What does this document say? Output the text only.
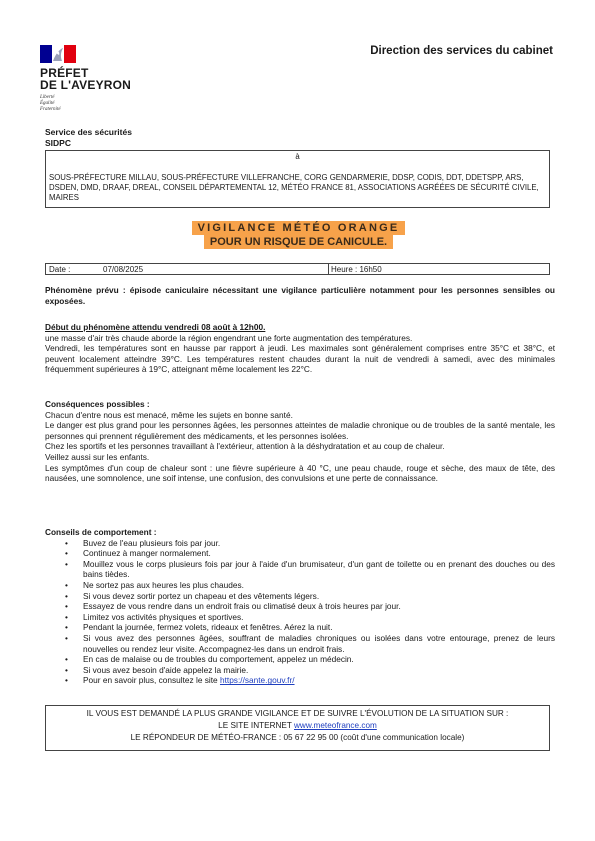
PRÉFET
DE L'AVEYRON
Liberté
Égalité
Fraternité
Direction des services du cabinet
Service des sécurités
SIDPC
à
SOUS-PRÉFECTURE MILLAU, SOUS-PRÉFECTURE VILLEFRANCHE, CORG GENDARMERIE, DDSP, CODIS, DDT, DDETSPP, ARS, DSDEN, DMD, DRAAF, DREAL, CONSEIL DÉPARTEMENTAL 12, MÉTÉO FRANCE 81, ASSOCIATIONS AGRÉÉES DE SÉCURITÉ CIVILE, MAIRES
VIGILANCE MÉTÉO ORANGE
POUR UN RISQUE DE CANICULE.
Date :	07/08/2025	Heure : 16h50
Phénomène prévu : épisode caniculaire nécessitant une vigilance particulière notamment pour les personnes sensibles ou exposées.
Début du phénomène attendu vendredi 08 août à 12h00.
une masse d'air très chaude aborde la région engendrant une forte augmentation des températures.
Vendredi, les températures sont en hausse par rapport à jeudi. Les maximales sont généralement comprises entre 35°C et 38°C, et peuvent localement atteindre 39°C. Les températures restent chaudes durant la nuit de vendredi à samedi, avec des minimales fréquemment supérieures à 19°C, atteignant même localement les 22°C.
Conséquences possibles :
Chacun d'entre nous est menacé, même les sujets en bonne santé.
Le danger est plus grand pour les personnes âgées, les personnes atteintes de maladie chronique ou de troubles de la santé mentale, les personnes qui prennent régulièrement des médicaments, et les personnes isolées.
Chez les sportifs et les personnes travaillant à l'extérieur, attention à la déshydratation et au coup de chaleur.
Veillez aussi sur les enfants.
Les symptômes d'un coup de chaleur sont : une fièvre supérieure à 40 °C, une peau chaude, rouge et sèche, des maux de tête, des nausées, une somnolence, une soif intense, une confusion, des convulsions et une perte de connaissance.
Conseils de comportement :
• Buvez de l'eau plusieurs fois par jour.
• Continuez à manger normalement.
• Mouillez vous le corps plusieurs fois par jour à l'aide d'un brumisateur, d'un gant de toilette ou en prenant des douches ou des bains tièdes.
• Ne sortez pas aux heures les plus chaudes.
• Si vous devez sortir portez un chapeau et des vêtements légers.
• Essayez de vous rendre dans un endroit frais ou climatisé deux à trois heures par jour.
• Limitez vos activités physiques et sportives.
• Pendant la journée, fermez volets, rideaux et fenêtres. Aérez la nuit.
• Si vous avez des personnes âgées, souffrant de maladies chroniques ou isolées dans votre entourage, prenez de leurs nouvelles ou rendez leur visite. Accompagnez-les dans un endroit frais.
• En cas de malaise ou de troubles du comportement, appelez un médecin.
• Si vous avez besoin d'aide appelez la mairie.
• Pour en savoir plus, consultez le site https://sante.gouv.fr/
IL VOUS EST DEMANDÉ LA PLUS GRANDE VIGILANCE ET DE SUIVRE L'ÉVOLUTION DE LA SITUATION SUR :
LE SITE INTERNET www.meteofrance.com
LE RÉPONDEUR DE MÉTÉO-FRANCE : 05 67 22 95 00 (coût d'une communication locale)
